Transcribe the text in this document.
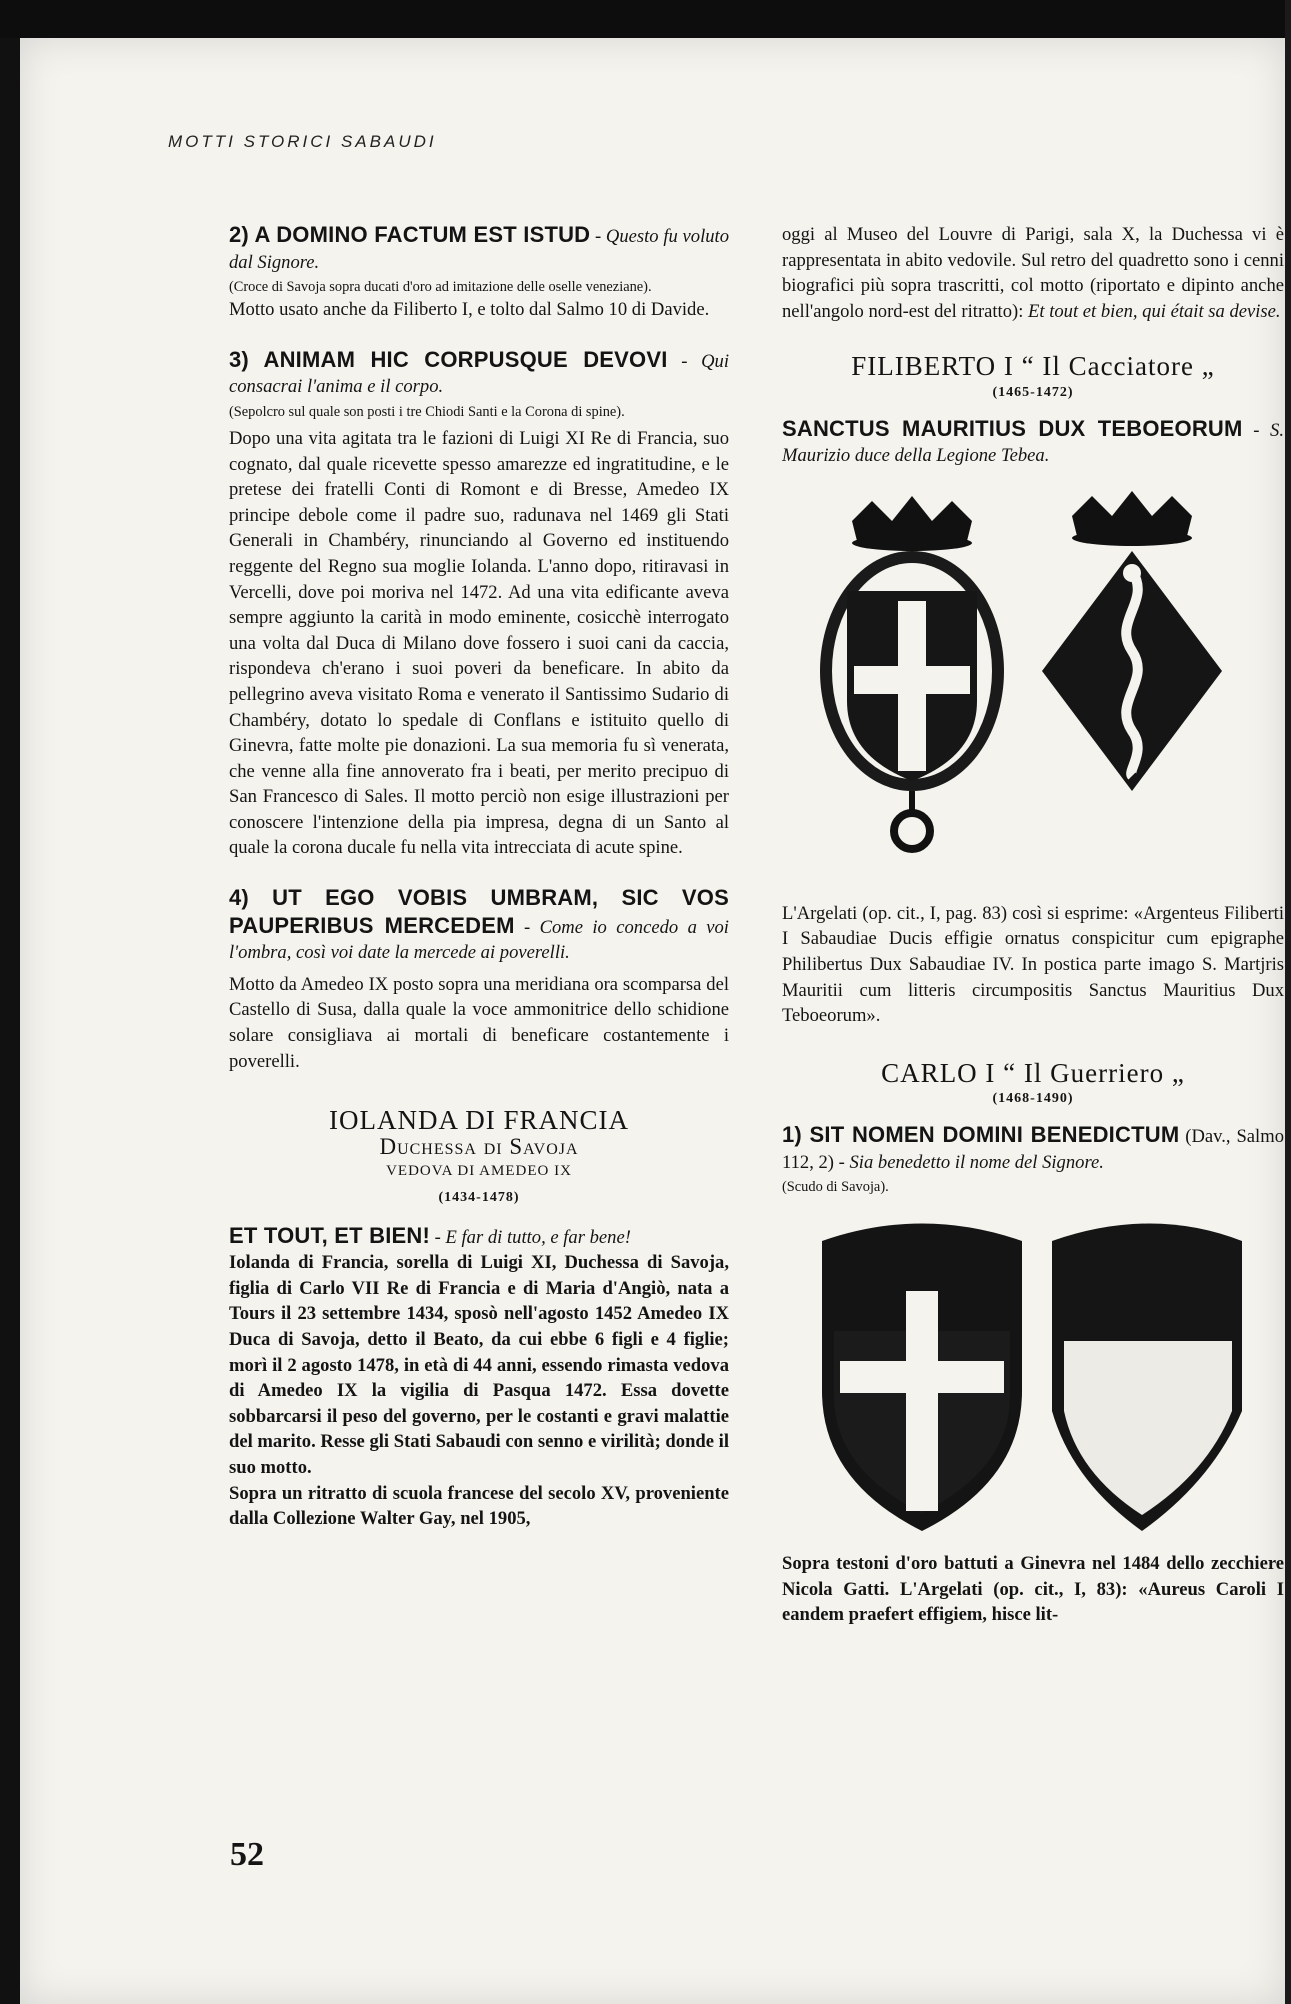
MOTTI STORICI SABAUDI

2) A DOMINO FACTUM EST ISTUD - Questo fu voluto dal Signore.

(Croce di Savoja sopra ducati d'oro ad imitazione delle oselle veneziane).

Motto usato anche da Filiberto I, e tolto dal Salmo 10 di Davide.

3) ANIMAM HIC CORPUSQUE DEVOVI - Qui consacrai l'anima e il corpo.

(Sepolcro sul quale son posti i tre Chiodi Santi e la Corona di spine).

Dopo una vita agitata tra le fazioni di Luigi XI Re di Francia, suo cognato, dal quale ricevette spesso amarezze ed ingratitudine, e le pretese dei fratelli Conti di Romont e di Bresse, Amedeo IX principe debole come il padre suo, radunava nel 1469 gli Stati Generali in Chambéry, rinunciando al Governo ed instituendo reggente del Regno sua moglie Iolanda. L'anno dopo, ritiravasi in Vercelli, dove poi moriva nel 1472. Ad una vita edificante aveva sempre aggiunto la carità in modo eminente, cosicchè interrogato una volta dal Duca di Milano dove fossero i suoi cani da caccia, rispondeva ch'erano i suoi poveri da beneficare. In abito da pellegrino aveva visitato Roma e venerato il Santissimo Sudario di Chambéry, dotato lo spedale di Conflans e istituito quello di Ginevra, fatte molte pie donazioni. La sua memoria fu sì venerata, che venne alla fine annoverato fra i beati, per merito precipuo di San Francesco di Sales. Il motto perciò non esige illustrazioni per conoscere l'intenzione della pia impresa, degna di un Santo al quale la corona ducale fu nella vita intrecciata di acute spine.

4) UT EGO VOBIS UMBRAM, SIC VOS PAUPERIBUS MERCEDEM - Come io concedo a voi l'ombra, così voi date la mercede ai poverelli.

Motto da Amedeo IX posto sopra una meridiana ora scomparsa del Castello di Susa, dalla quale la voce ammonitrice dello schidione solare consigliava ai mortali di beneficare costantemente i poverelli.

IOLANDA DI FRANCIA

Duchessa di Savoja

VEDOVA DI AMEDEO IX

(1434-1478)

ET TOUT, ET BIEN! - E far di tutto, e far bene!

Iolanda di Francia, sorella di Luigi XI, Duchessa di Savoja, figlia di Carlo VII Re di Francia e di Maria d'Angiò, nata a Tours il 23 settembre 1434, sposò nell'agosto 1452 Amedeo IX Duca di Savoja, detto il Beato, da cui ebbe 6 figli e 4 figlie; morì il 2 agosto 1478, in età di 44 anni, essendo rimasta vedova di Amedeo IX la vigilia di Pasqua 1472. Essa dovette sobbarcarsi il peso del governo, per le costanti e gravi malattie del marito. Resse gli Stati Sabaudi con senno e virilità; donde il suo motto.

Sopra un ritratto di scuola francese del secolo XV, proveniente dalla Collezione Walter Gay, nel 1905,

oggi al Museo del Louvre di Parigi, sala X, la Duchessa vi è rappresentata in abito vedovile. Sul retro del quadretto sono i cenni biografici più sopra trascritti, col motto (riportato e dipinto anche nell'angolo nord-est del ritratto): Et tout et bien, qui était sa devise.

FILIBERTO I “ Il Cacciatore „

(1465-1472)

SANCTUS MAURITIUS DUX TEBOEORUM - S. Maurizio duce della Legione Tebea.

L'Argelati (op. cit., I, pag. 83) così si esprime: «Argenteus Filiberti I Sabaudiae Ducis effigie ornatus conspicitur cum epigraphe Philibertus Dux Sabaudiae IV. In postica parte imago S. Martjris Mauritii cum litteris circumpositis Sanctus Mauritius Dux Teboeorum».

CARLO I “ Il Guerriero „

(1468-1490)

1) SIT NOMEN DOMINI BENEDICTUM (Dav., Salmo 112, 2) - Sia benedetto il nome del Signore.

(Scudo di Savoja).

Sopra testoni d'oro battuti a Ginevra nel 1484 dello zecchiere Nicola Gatti. L'Argelati (op. cit., I, 83): «Aureus Caroli I eandem praefert effigiem, hisce lit-

52
